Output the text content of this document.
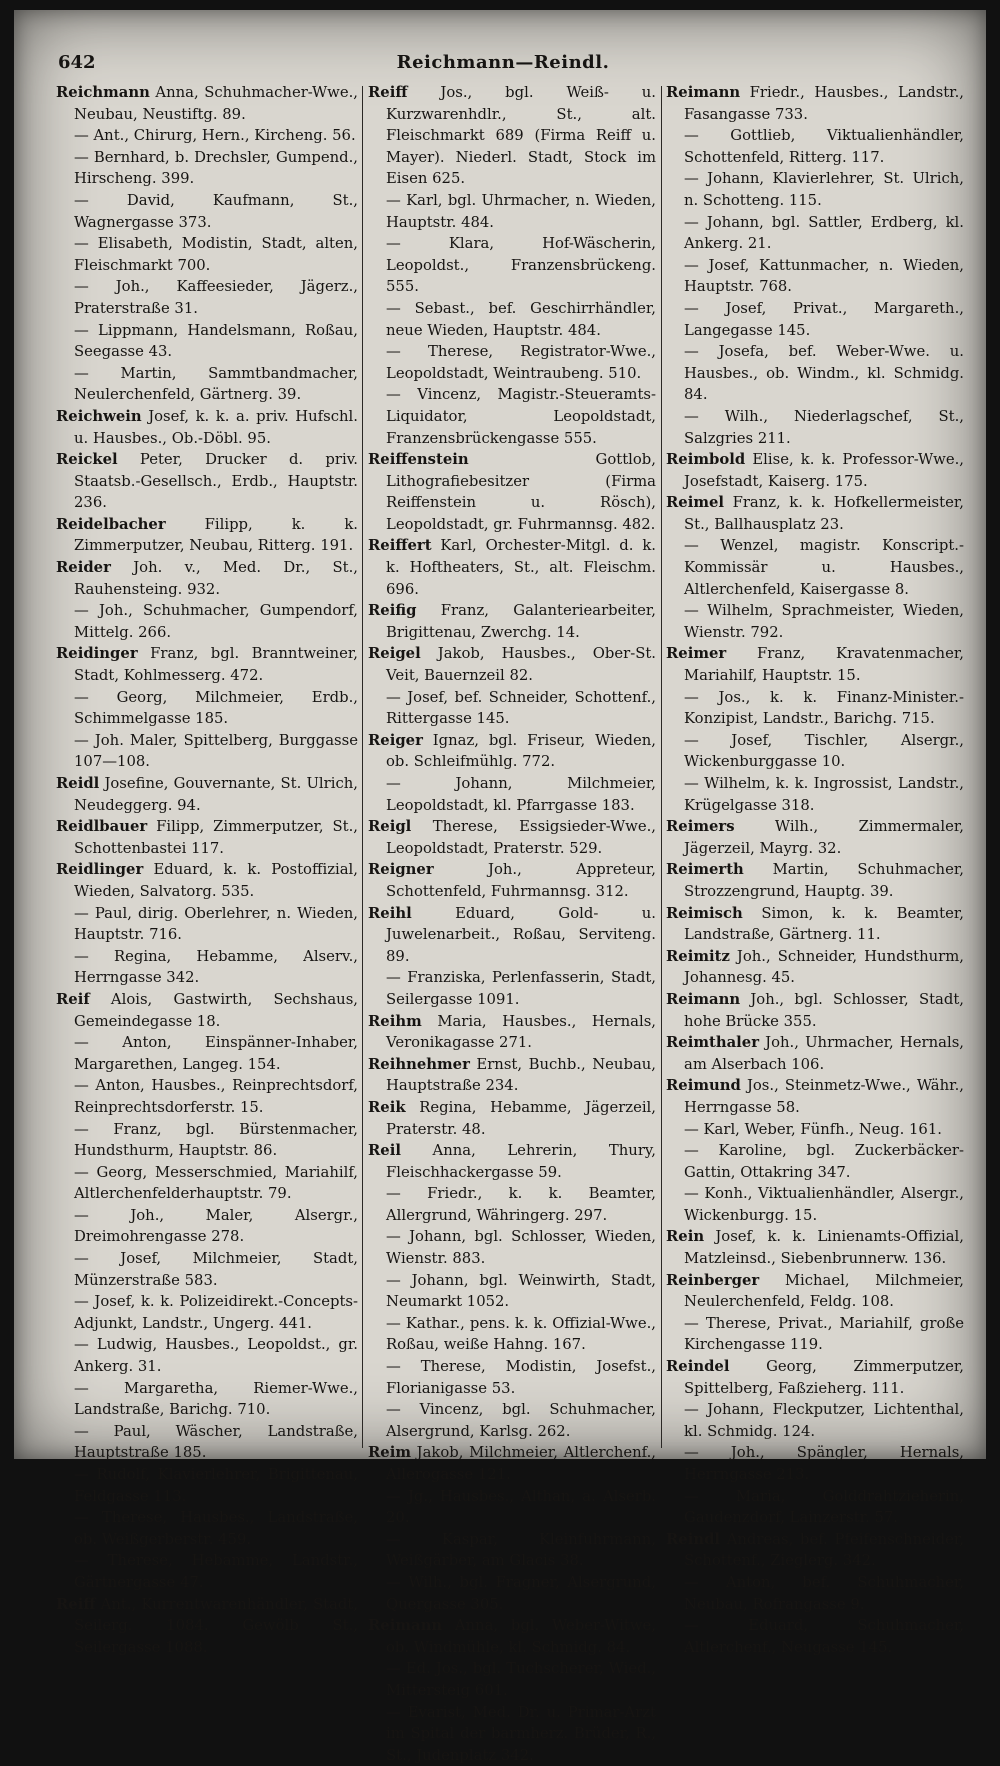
642	Reichmann—Reindl.

Reichmann Anna, Schuhmacher-Wwe., Neubau, Neustiftg. 89.

— Ant., Chirurg, Hern., Kircheng. 56.

— Bernhard, b. Drechsler, Gumpend., Hirscheng. 399.

— David, Kaufmann, St., Wagnergasse 373.

— Elisabeth, Modistin, Stadt, alten, Fleischmarkt 700.

— Joh., Kaffeesieder, Jägerz., Praterstraße 31.

— Lippmann, Handelsmann, Roßau, Seegasse 43.

— Martin, Sammtbandmacher, Neulerchenfeld, Gärtnerg. 39.

Reichwein Josef, k. k. a. priv. Hufschl. u. Hausbes., Ob.-Döbl. 95.

Reickel Peter, Drucker d. priv. Staatsb.-Gesellsch., Erdb., Hauptstr. 236.

Reidelbacher Filipp, k. k. Zimmerputzer, Neubau, Ritterg. 191.

Reider Joh. v., Med. Dr., St., Rauhensteing. 932.

— Joh., Schuhmacher, Gumpendorf, Mittelg. 266.

Reidinger Franz, bgl. Branntweiner, Stadt, Kohlmesserg. 472.

— Georg, Milchmeier, Erdb., Schimmelgasse 185.

— Joh. Maler, Spittelberg, Burggasse 107—108.

Reidl Josefine, Gouvernante, St. Ulrich, Neudeggerg. 94.

Reidlbauer Filipp, Zimmerputzer, St., Schottenbastei 117.

Reidlinger Eduard, k. k. Postoffizial, Wieden, Salvatorg. 535.

— Paul, dirig. Oberlehrer, n. Wieden, Hauptstr. 716.

— Regina, Hebamme, Alserv., Herrngasse 342.

Reif Alois, Gastwirth, Sechshaus, Gemeindegasse 18.

— Anton, Einspänner-Inhaber, Margarethen, Langeg. 154.

— Anton, Hausbes., Reinprechtsdorf, Reinprechtsdorferstr. 15.

— Franz, bgl. Bürstenmacher, Hundsthurm, Hauptstr. 86.

— Georg, Messerschmied, Mariahilf, Altlerchenfelderhauptstr. 79.

— Joh., Maler, Alsergr., Dreimohrengasse 278.

— Josef, Milchmeier, Stadt, Münzerstraße 583.

— Josef, k. k. Polizeidirekt.-Concepts-Adjunkt, Landstr., Ungerg. 441.

— Ludwig, Hausbes., Leopoldst., gr. Ankerg. 31.

— Margaretha, Riemer-Wwe., Landstraße, Barichg. 710.

— Paul, Wäscher, Landstraße, Hauptstraße 185.

— Rudolf, Klavierlehrer, Brigittenau, Feldgasse 113.

— Therese, Hausbes., Landstraße, ob. Weißgerberstr. 459.

— Therese, Hebamme, Landstr., Gärtnergasse 47.

Reiff Ant., Kurrentwarenhändler, Stadt, Seilerg. 1084. Gewölb St., Seilergasse 1088.

Reiff Jos., bgl. Weiß- u. Kurzwarenhdlr., St., alt. Fleischmarkt 689 (Firma Reiff u. Mayer). Niederl. Stadt, Stock im Eisen 625.

— Karl, bgl. Uhrmacher, n. Wieden, Hauptstr. 484.

— Klara, Hof-Wäscherin, Leopoldst., Franzensbrückeng. 555.

— Sebast., bef. Geschirrhändler, neue Wieden, Hauptstr. 484.

— Therese, Registrator-Wwe., Leopoldstadt, Weintraubeng. 510.

— Vincenz, Magistr.-Steueramts-Liquidator, Leopoldstadt, Franzensbrückengasse 555.

Reiffenstein Gottlob, Lithografiebesitzer (Firma Reiffenstein u. Rösch), Leopoldstadt, gr. Fuhrmannsg. 482.

Reiffert Karl, Orchester-Mitgl. d. k. k. Hoftheaters, St., alt. Fleischm. 696.

Reifig Franz, Galanteriearbeiter, Brigittenau, Zwerchg. 14.

Reigel Jakob, Hausbes., Ober-St. Veit, Bauernzeil 82.

— Josef, bef. Schneider, Schottenf., Rittergasse 145.

Reiger Ignaz, bgl. Friseur, Wieden, ob. Schleifmühlg. 772.

— Johann, Milchmeier, Leopoldstadt, kl. Pfarrgasse 183.

Reigl Therese, Essigsieder-Wwe., Leopoldstadt, Praterstr. 529.

Reigner Joh., Appreteur, Schottenfeld, Fuhrmannsg. 312.

Reihl Eduard, Gold- u. Juwelenarbeit., Roßau, Serviteng. 89.

— Franziska, Perlenfasserin, Stadt, Seilergasse 1091.

Reihm Maria, Hausbes., Hernals, Veronikagasse 271.

Reihnehmer Ernst, Buchb., Neubau, Hauptstraße 234.

Reik Regina, Hebamme, Jägerzeil, Praterstr. 48.

Reil Anna, Lehrerin, Thury, Fleischhackergasse 59.

— Friedr., k. k. Beamter, Allergrund, Währingerg. 297.

— Johann, bgl. Schlosser, Wieden, Wienstr. 883.

— Johann, bgl. Weinwirth, Stadt, Neumarkt 1052.

— Kathar., pens. k. k. Offizial-Wwe., Roßau, weiße Hahng. 167.

— Therese, Modistin, Josefst., Florianigasse 53.

— Vincenz, bgl. Schuhmacher, Alsergrund, Karlsg. 262.

Reim Jakob, Milchmeier, Altlerchenf., Allerogasse 121.

— Jg., Hausbes., Althan, a. Alserb. 20.

— Kaspar, Kleinfuhrmann, Weißgärber, am Glacis 38.

— Wilh., bgl. Fragner, Alsergrund, Quergasse 305.

Reimann Anna, bgl. Weber-Witwe, ob. Windmühle, kl. Schmidg. 84.

— Ed. Jos., bgl. Tuchscherer, Wied., Mittersteig 601.

— Evarist, Med. Dr. u. Primar-Arzt im Spital der barmherz. Brüder, R., St., Judenplatz 342.

Reimann Friedr., Hausbes., Landstr., Fasangasse 733.

— Gottlieb, Viktualienhändler, Schottenfeld, Ritterg. 117.

— Johann, Klavierlehrer, St. Ulrich, n. Schotteng. 115.

— Johann, bgl. Sattler, Erdberg, kl. Ankerg. 21.

— Josef, Kattunmacher, n. Wieden, Hauptstr. 768.

— Josef, Privat., Margareth., Langegasse 145.

— Josefa, bef. Weber-Wwe. u. Hausbes., ob. Windm., kl. Schmidg. 84.

— Wilh., Niederlagschef, St., Salzgries 211.

Reimbold Elise, k. k. Professor-Wwe., Josefstadt, Kaiserg. 175.

Reimel Franz, k. k. Hofkellermeister, St., Ballhausplatz 23.

— Wenzel, magistr. Konscript.-Kommissär u. Hausbes., Altlerchenfeld, Kaisergasse 8.

— Wilhelm, Sprachmeister, Wieden, Wienstr. 792.

Reimer Franz, Kravatenmacher, Mariahilf, Hauptstr. 15.

— Jos., k. k. Finanz-Minister.-Konzipist, Landstr., Barichg. 715.

— Josef, Tischler, Alsergr., Wickenburggasse 10.

— Wilhelm, k. k. Ingrossist, Landstr., Krügelgasse 318.

Reimers Wilh., Zimmermaler, Jägerzeil, Mayrg. 32.

Reimerth Martin, Schuhmacher, Strozzengrund, Hauptg. 39.

Reimisch Simon, k. k. Beamter, Landstraße, Gärtnerg. 11.

Reimitz Joh., Schneider, Hundsthurm, Johannesg. 45.

Reimann Joh., bgl. Schlosser, Stadt, hohe Brücke 355.

Reimthaler Joh., Uhrmacher, Hernals, am Alserbach 106.

Reimund Jos., Steinmetz-Wwe., Währ., Herrngasse 58.

— Karl, Weber, Fünfh., Neug. 161.

— Karoline, bgl. Zuckerbäcker-Gattin, Ottakring 347.

— Konh., Viktualienhändler, Alsergr., Wickenburgg. 15.

Rein Josef, k. k. Linienamts-Offizial, Matzleinsd., Siebenbrunnerw. 136.

Reinberger Michael, Milchmeier, Neulerchenfeld, Feldg. 108.

— Therese, Privat., Mariahilf, große Kirchengasse 119.

Reindel Georg, Zimmerputzer, Spittelberg, Faßzieherg. 111.

— Johann, Fleckputzer, Lichtenthal, kl. Schmidg. 124.

— Joh., Spängler, Hernals, Herrngasse 213.

— Maria, Golddrahtzieherin, Gaudenzdorf, Lainzerstr. 57.

Reindl Andreas, bef. Pfeifenschneider, Schottenf., Zieglerg. 342.

— Anton, bef. Schuhmacher, Neubau, Rofrangasse 9.

— Eduard, Schuhmacher, Altlerchenf., Neugasse 145.
